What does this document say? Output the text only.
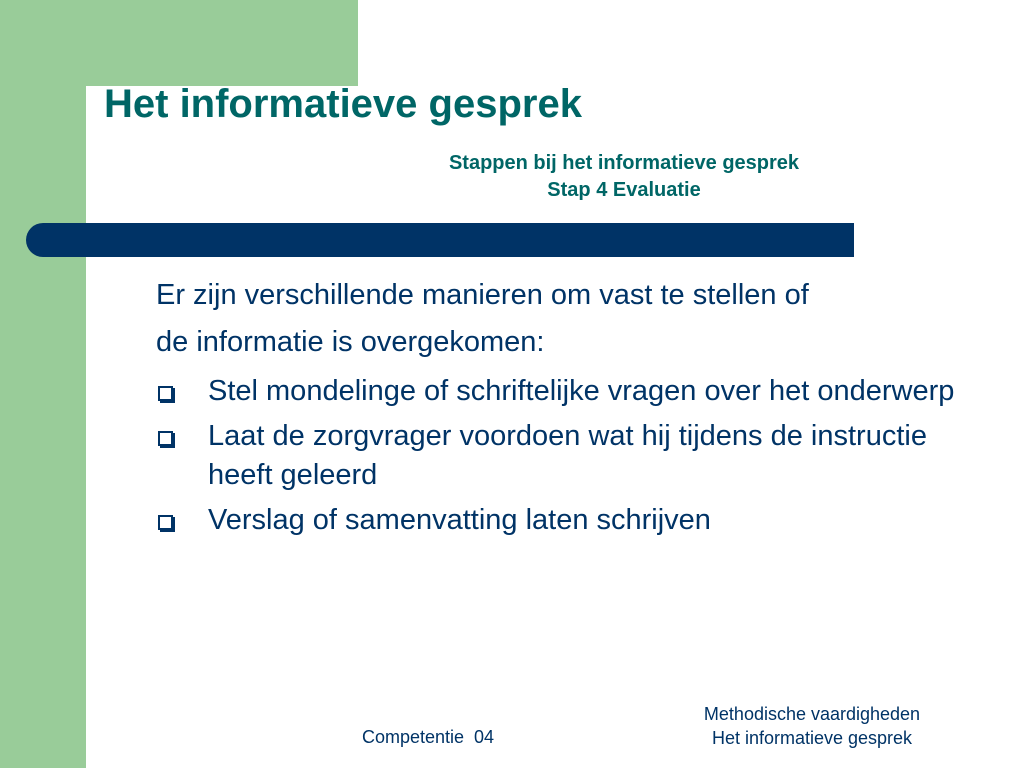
Het informatieve gesprek
Stappen bij het informatieve gesprek
Stap 4 Evaluatie
Er zijn verschillende manieren om vast te stellen of
de informatie is overgekomen:
Stel mondelinge of schriftelijke vragen over het onderwerp
Laat de zorgvrager voordoen wat hij tijdens de instructie heeft geleerd
Verslag of samenvatting laten schrijven
Competentie  04
Methodische vaardigheden
Het informatieve gesprek
